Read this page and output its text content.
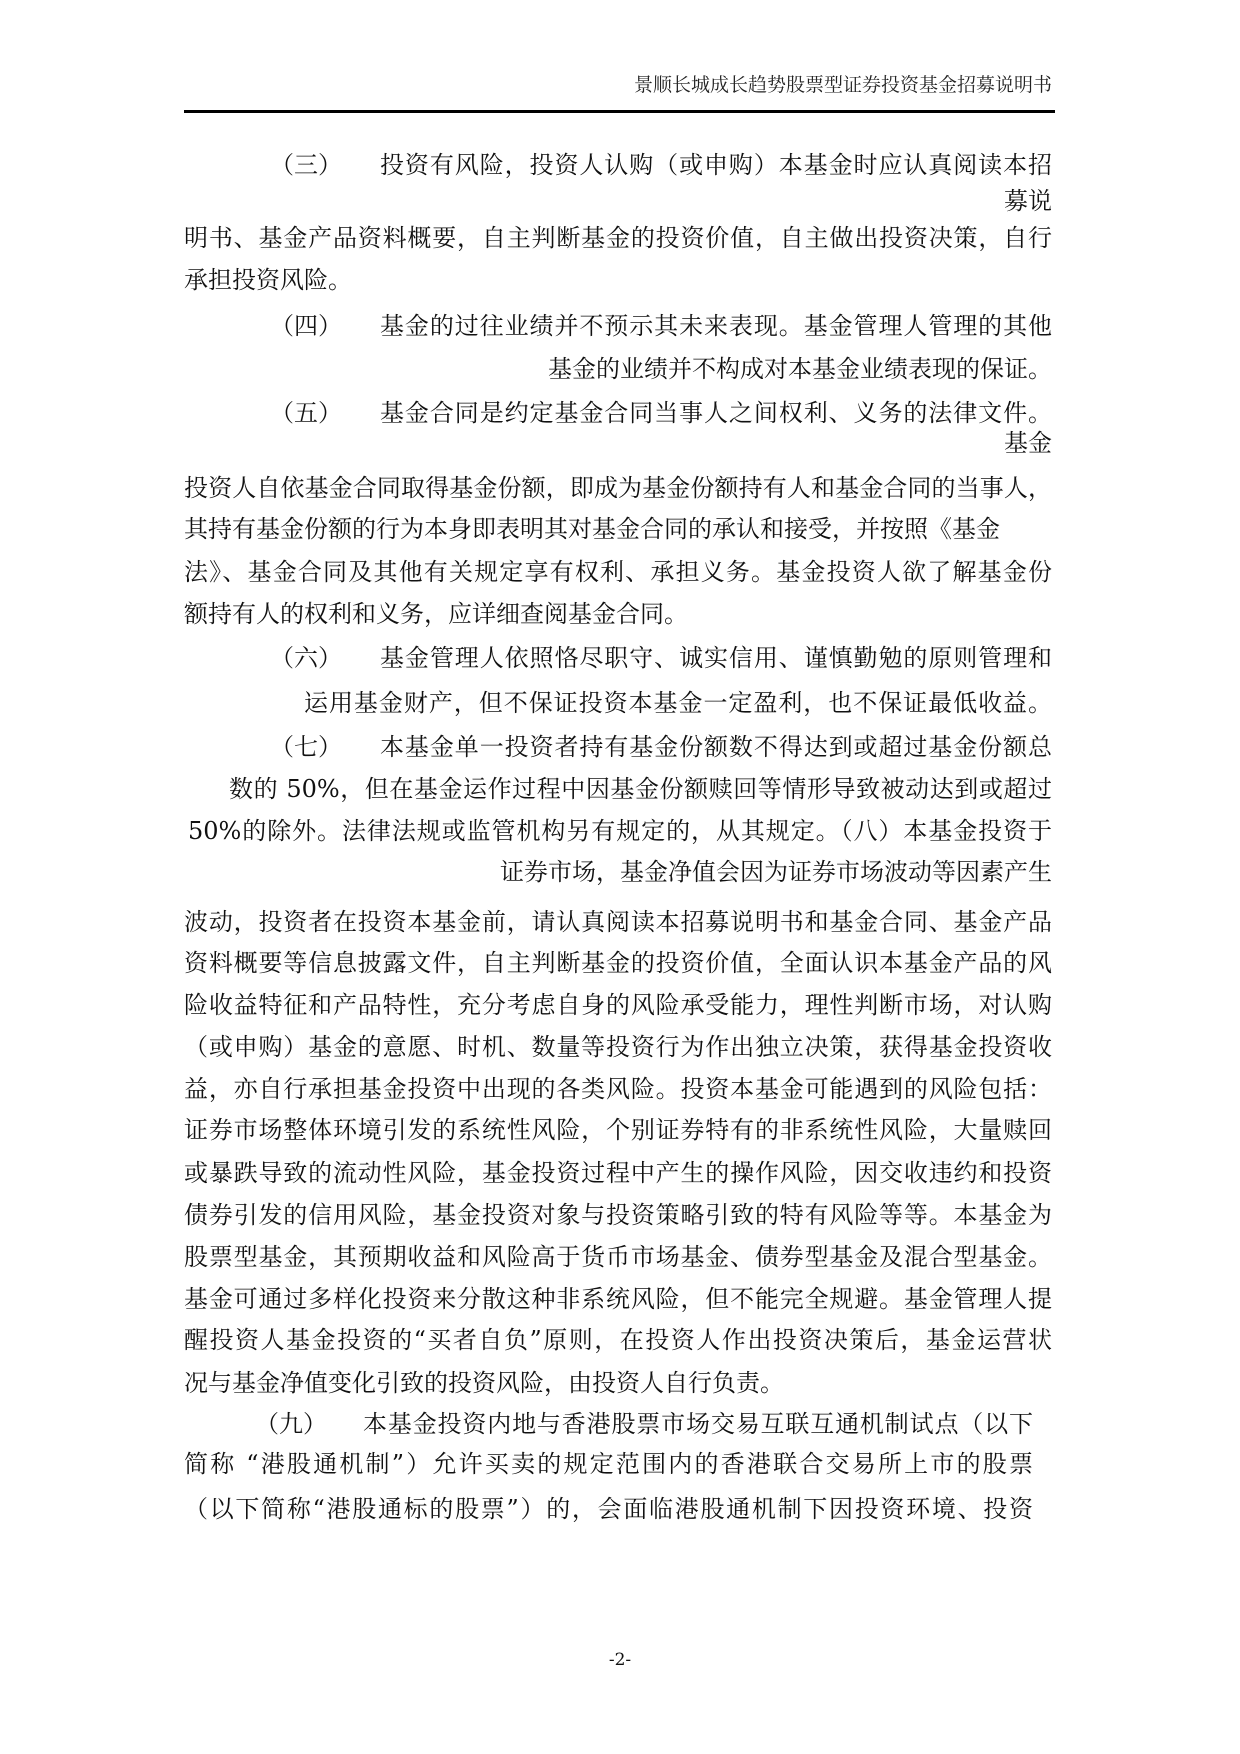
景顺长城成长趋势股票型证券投资基金招募说明书
（三） 投资有风险，投资人认购（或申购）本基金时应认真阅读本招
募说
明书、基金产品资料概要，自主判断基金的投资价值，自主做出投资决策，自行
承担投资风险。
（四） 基金的过往业绩并不预示其未来表现。基金管理人管理的其他
基金的业绩并不构成对本基金业绩表现的保证。
（五） 基金合同是约定基金合同当事人之间权利、义务的法律文件。
基金
投资人自依基金合同取得基金份额，即成为基金份额持有人和基金合同的当事人，
其持有基金份额的行为本身即表明其对基金合同的承认和接受，并按照《基金
法》、基金合同及其他有关规定享有权利、承担义务。基金投资人欲了解基金份
额持有人的权利和义务，应详细查阅基金合同。
（六） 基金管理人依照恪尽职守、诚实信用、谨慎勤勉的原则管理和
运用基金财产，但不保证投资本基金一定盈利，也不保证最低收益。
（七） 本基金单一投资者持有基金份额数不得达到或超过基金份额总
数的 50%，但在基金运作过程中因基金份额赎回等情形导致被动达到或超过
50%的除外。法律法规或监管机构另有规定的，从其规定。（八）本基金投资于
证券市场，基金净值会因为证券市场波动等因素产生
波动，投资者在投资本基金前，请认真阅读本招募说明书和基金合同、基金产品
资料概要等信息披露文件，自主判断基金的投资价值，全面认识本基金产品的风
险收益特征和产品特性，充分考虑自身的风险承受能力，理性判断市场，对认购
（或申购）基金的意愿、时机、数量等投资行为作出独立决策，获得基金投资收
益，亦自行承担基金投资中出现的各类风险。投资本基金可能遇到的风险包括：
证券市场整体环境引发的系统性风险，个别证券特有的非系统性风险，大量赎回
或暴跌导致的流动性风险，基金投资过程中产生的操作风险，因交收违约和投资
债券引发的信用风险，基金投资对象与投资策略引致的特有风险等等。本基金为
股票型基金，其预期收益和风险高于货币市场基金、债券型基金及混合型基金。
基金可通过多样化投资来分散这种非系统风险，但不能完全规避。基金管理人提
醒投资人基金投资的“买者自负”原则，在投资人作出投资决策后，基金运营状
况与基金净值变化引致的投资风险，由投资人自行负责。
（九） 本基金投资内地与香港股票市场交易互联互通机制试点（以下
简称 “港股通机制”）允许买卖的规定范围内的香港联合交易所上市的股票
（以下简称“港股通标的股票”）的，会面临港股通机制下因投资环境、投资
-2-
